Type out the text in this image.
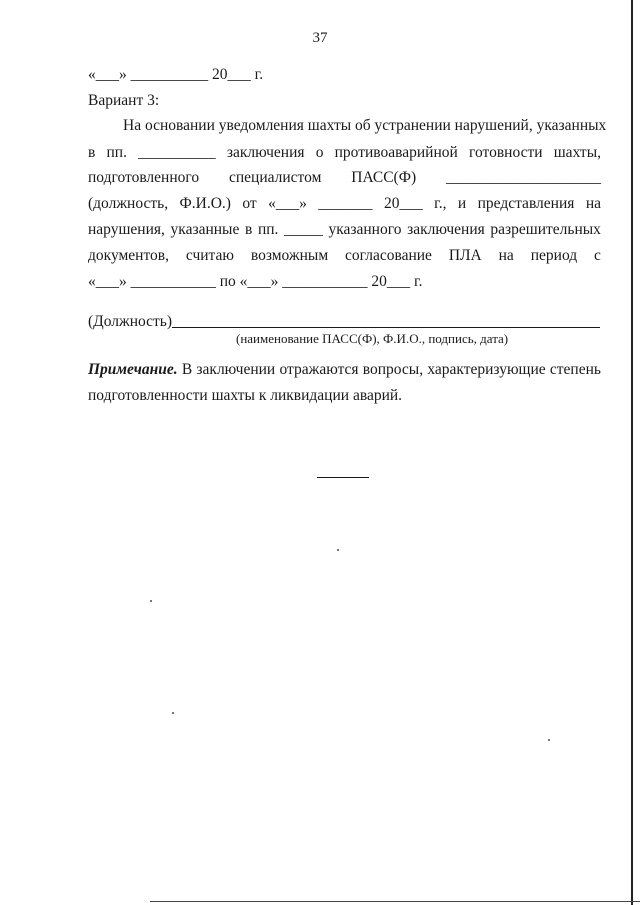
37
«___» __________ 20___ г.
Вариант 3:
На основании уведомления шахты об устранении нарушений, указанных
в пп. __________ заключения о противоаварийной готовности шахты,
подготовленного специалистом ПАСС(Ф) ____________________
(должность, Ф.И.О.) от «___» _______ 20___ г., и представления на
нарушения, указанные в пп. _____ указанного заключения разрешительных
документов, считаю возможным согласование ПЛА на период с
«___» ___________ по «___» ___________ 20___ г.
(Должность)
(наименование ПАСС(Ф), Ф.И.О., подпись, дата)
Примечание. В заключении отражаются вопросы, характеризующие степень
подготовленности шахты к ликвидации аварий.
